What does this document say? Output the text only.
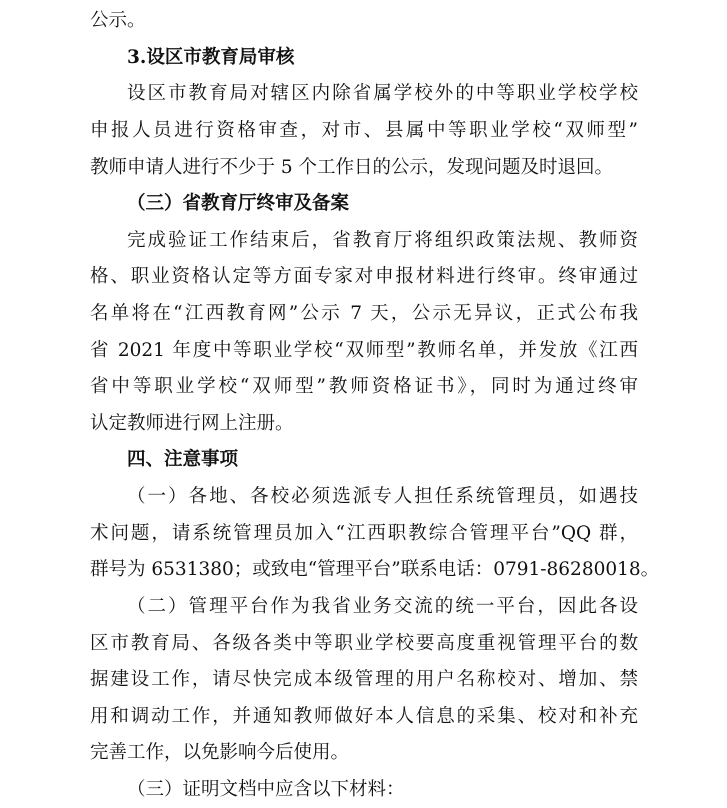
公示。
3.设区市教育局审核
设区市教育局对辖区内除省属学校外的中等职业学校学校
申报人员进行资格审查，对市、县属中等职业学校“双师型”
教师申请人进行不少于 5 个工作日的公示，发现问题及时退回。
（三）省教育厅终审及备案
完成验证工作结束后，省教育厅将组织政策法规、教师资
格、职业资格认定等方面专家对申报材料进行终审。终审通过
名单将在“江西教育网”公示 7 天，公示无异议，正式公布我
省 2021 年度中等职业学校“双师型”教师名单，并发放《江西
省中等职业学校“双师型”教师资格证书》，同时为通过终审
认定教师进行网上注册。
四、注意事项
（一）各地、各校必须选派专人担任系统管理员，如遇技
术问题，请系统管理员加入“江西职教综合管理平台”QQ 群，
群号为 6531380；或致电“管理平台”联系电话：0791-86280018。
（二）管理平台作为我省业务交流的统一平台，因此各设
区市教育局、各级各类中等职业学校要高度重视管理平台的数
据建设工作，请尽快完成本级管理的用户名称校对、增加、禁
用和调动工作，并通知教师做好本人信息的采集、校对和补充
完善工作，以免影响今后使用。
（三）证明文档中应含以下材料：
